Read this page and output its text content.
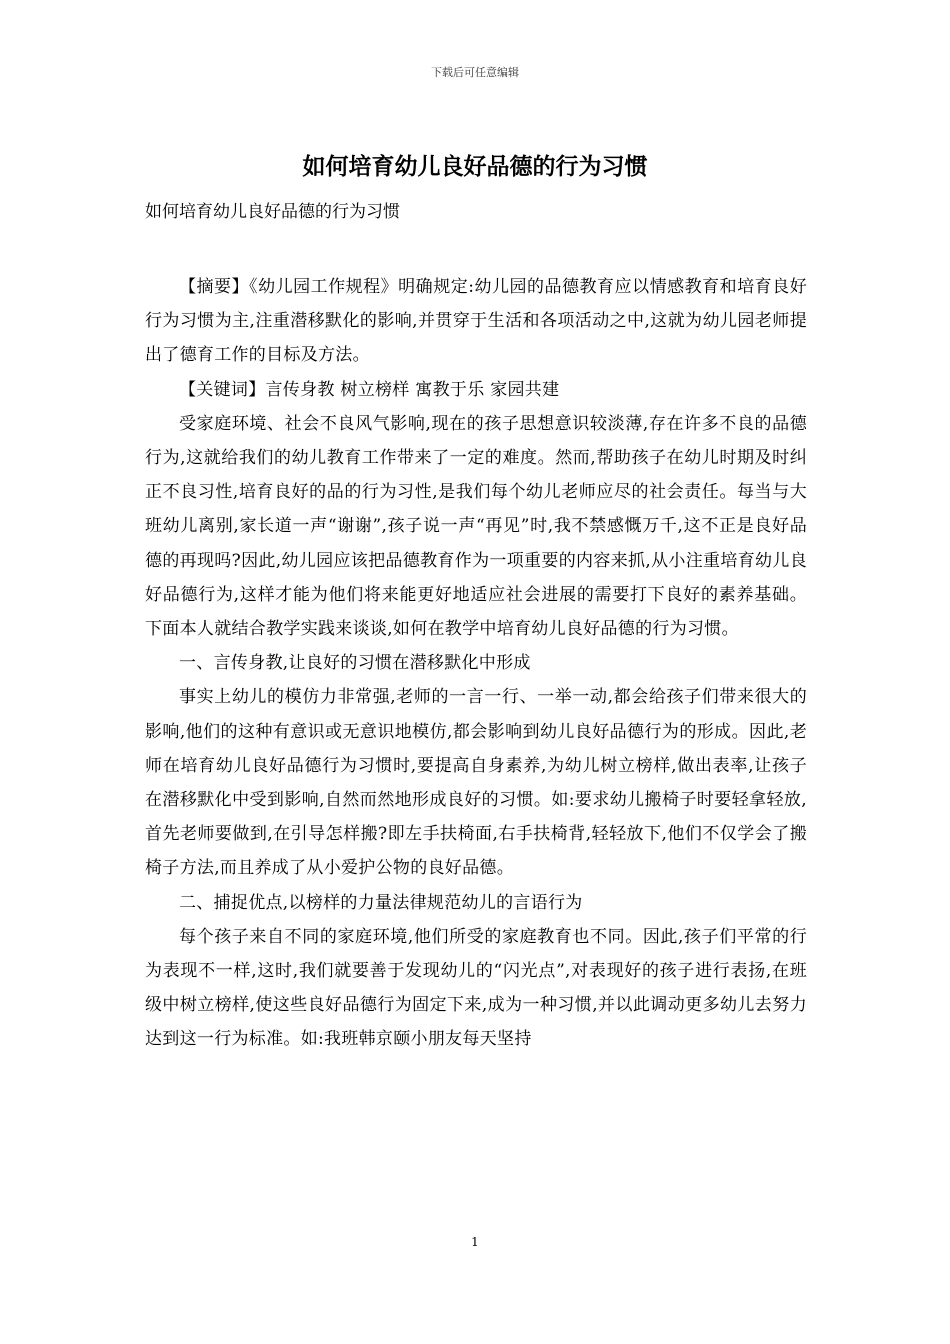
下载后可任意编辑
如何培育幼儿良好品德的行为习惯

如何培育幼儿良好品德的行为习惯

【摘要】《幼儿园工作规程》明确规定:幼儿园的品德教育应以情感教育和培育良好行为习惯为主,注重潜移默化的影响,并贯穿于生活和各项活动之中,这就为幼儿园老师提出了德育工作的目标及方法。

【关键词】言传身教 树立榜样 寓教于乐 家园共建

受家庭环境、社会不良风气影响,现在的孩子思想意识较淡薄,存在许多不良的品德行为,这就给我们的幼儿教育工作带来了一定的难度。然而,帮助孩子在幼儿时期及时纠正不良习性,培育良好的品的行为习性,是我们每个幼儿老师应尽的社会责任。每当与大班幼儿离别,家长道一声“谢谢”,孩子说一声“再见”时,我不禁感慨万千,这不正是良好品德的再现吗?因此,幼儿园应该把品德教育作为一项重要的内容来抓,从小注重培育幼儿良好品德行为,这样才能为他们将来能更好地适应社会进展的需要打下良好的素养基础。下面本人就结合教学实践来谈谈,如何在教学中培育幼儿良好品德的行为习惯。

一、言传身教,让良好的习惯在潜移默化中形成

事实上幼儿的模仿力非常强,老师的一言一行、一举一动,都会给孩子们带来很大的影响,他们的这种有意识或无意识地模仿,都会影响到幼儿良好品德行为的形成。因此,老师在培育幼儿良好品德行为习惯时,要提高自身素养,为幼儿树立榜样,做出表率,让孩子在潜移默化中受到影响,自然而然地形成良好的习惯。如:要求幼儿搬椅子时要轻拿轻放,首先老师要做到,在引导怎样搬?即左手扶椅面,右手扶椅背,轻轻放下,他们不仅学会了搬椅子方法,而且养成了从小爱护公物的良好品德。

二、捕捉优点,以榜样的力量法律规范幼儿的言语行为

每个孩子来自不同的家庭环境,他们所受的家庭教育也不同。因此,孩子们平常的行为表现不一样,这时,我们就要善于发现幼儿的“闪光点”,对表现好的孩子进行表扬,在班级中树立榜样,使这些良好品德行为固定下来,成为一种习惯,并以此调动更多幼儿去努力达到这一行为标准。如:我班韩京颐小朋友每天坚持

1
